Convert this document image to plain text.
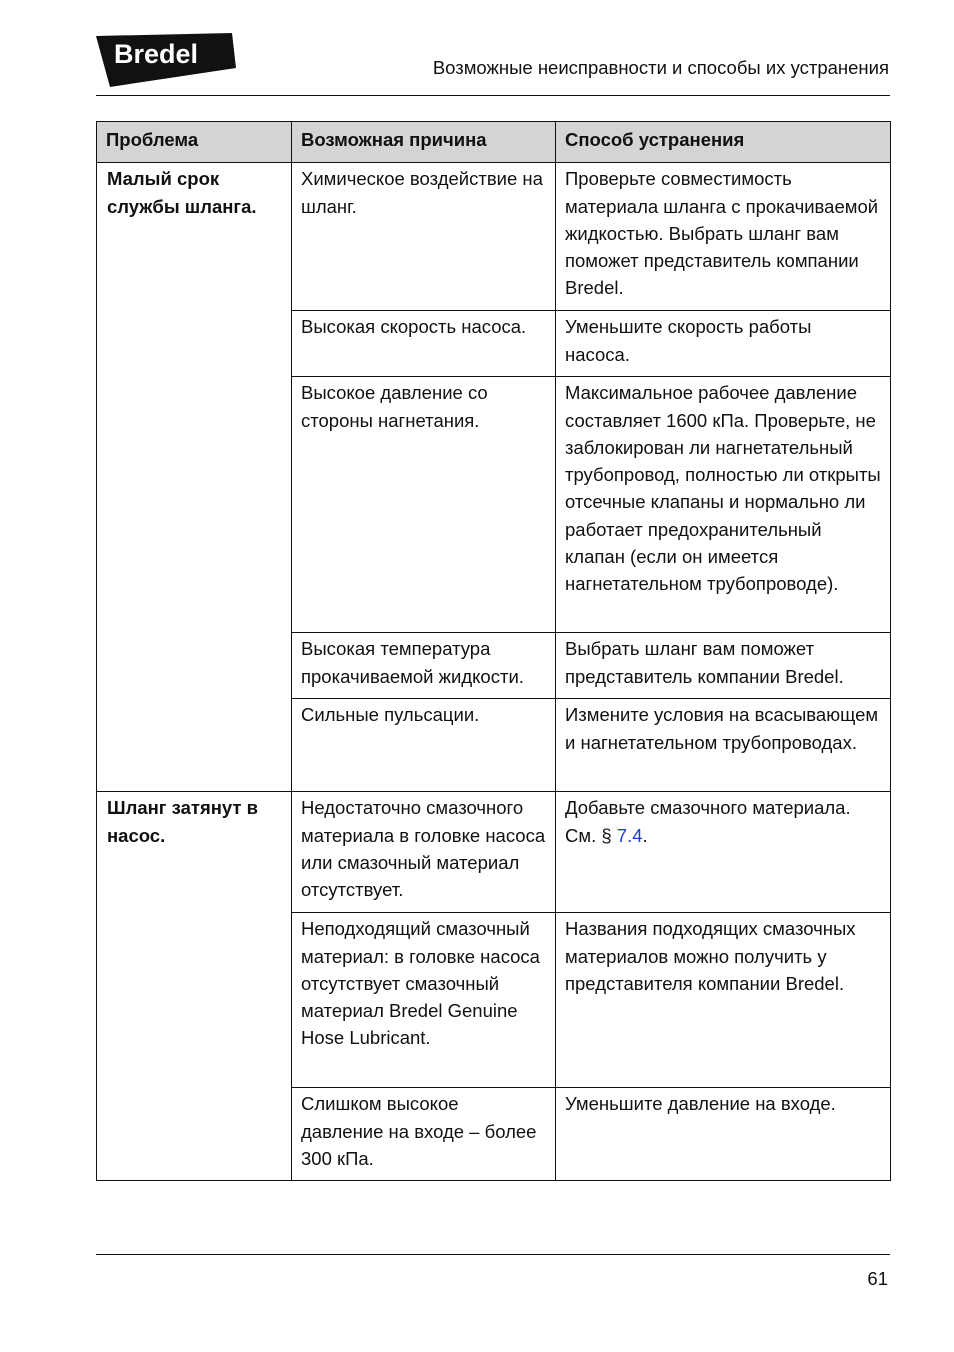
Bredel	Возможные неисправности и способы их устранения
Проблема	Возможная причина	Способ устранения
Малый срок службы шланга.	Химическое воздействие на шланг.	Проверьте совместимость материала шланга с прокачиваемой жидкостью. Выбрать шланг вам поможет представитель компании Bredel.
	Высокая скорость насоса.	Уменьшите скорость работы насоса.
	Высокое давление со стороны нагнетания.	Максимальное рабочее давление составляет 1600 кПа. Проверьте, не заблокирован ли нагнетательный трубопровод, полностью ли открыты отсечные клапаны и нормально ли работает предохранительный клапан (если он имеется нагнетательном трубопроводе).
	Высокая температура прокачиваемой жидкости.	Выбрать шланг вам поможет представитель компании Bredel.
	Сильные пульсации.	Измените условия на всасывающем и нагнетательном трубопроводах.
Шланг затянут в насос.	Недостаточно смазочного материала в головке насоса или смазочный материал отсутствует.	Добавьте смазочного материала. См. § 7.4.
	Неподходящий смазочный материал: в головке насоса отсутствует смазочный материал Bredel Genuine Hose Lubricant.	Названия подходящих смазочных материалов можно получить у представителя компании Bredel.
	Слишком высокое давление на входе – более 300 кПа.	Уменьшите давление на входе.
61
